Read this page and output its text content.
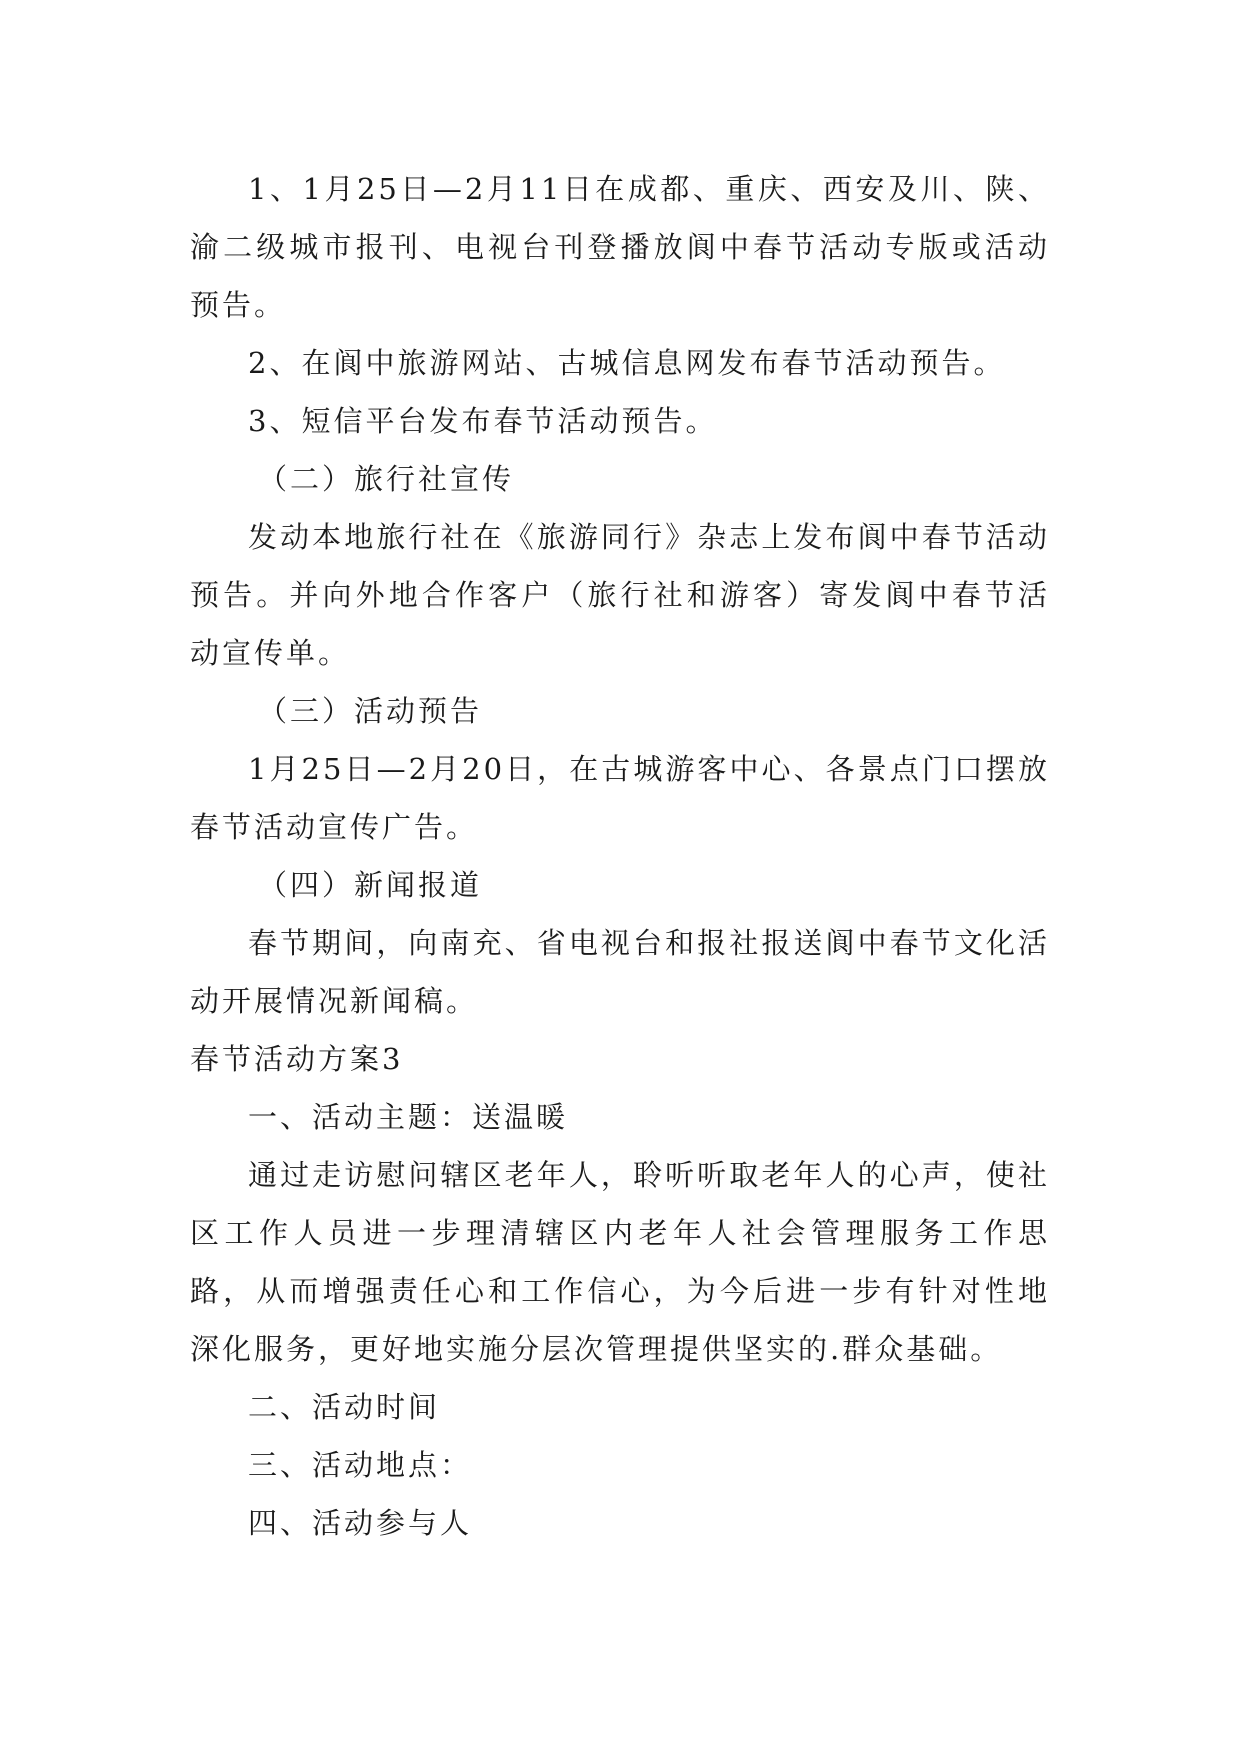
1、1月25日—2月11日在成都、重庆、西安及川、陕、渝二级城市报刊、电视台刊登播放阆中春节活动专版或活动预告。

2、在阆中旅游网站、古城信息网发布春节活动预告。

3、短信平台发布春节活动预告。

（二）旅行社宣传

发动本地旅行社在《旅游同行》杂志上发布阆中春节活动预告。并向外地合作客户（旅行社和游客）寄发阆中春节活动宣传单。

（三）活动预告

1月25日—2月20日，在古城游客中心、各景点门口摆放春节活动宣传广告。

（四）新闻报道

春节期间，向南充、省电视台和报社报送阆中春节文化活动开展情况新闻稿。

春节活动方案3

一、活动主题：送温暖

通过走访慰问辖区老年人，聆听听取老年人的心声，使社区工作人员进一步理清辖区内老年人社会管理服务工作思路，从而增强责任心和工作信心，为今后进一步有针对性地深化服务，更好地实施分层次管理提供坚实的.群众基础。

二、活动时间

三、活动地点：

四、活动参与人
